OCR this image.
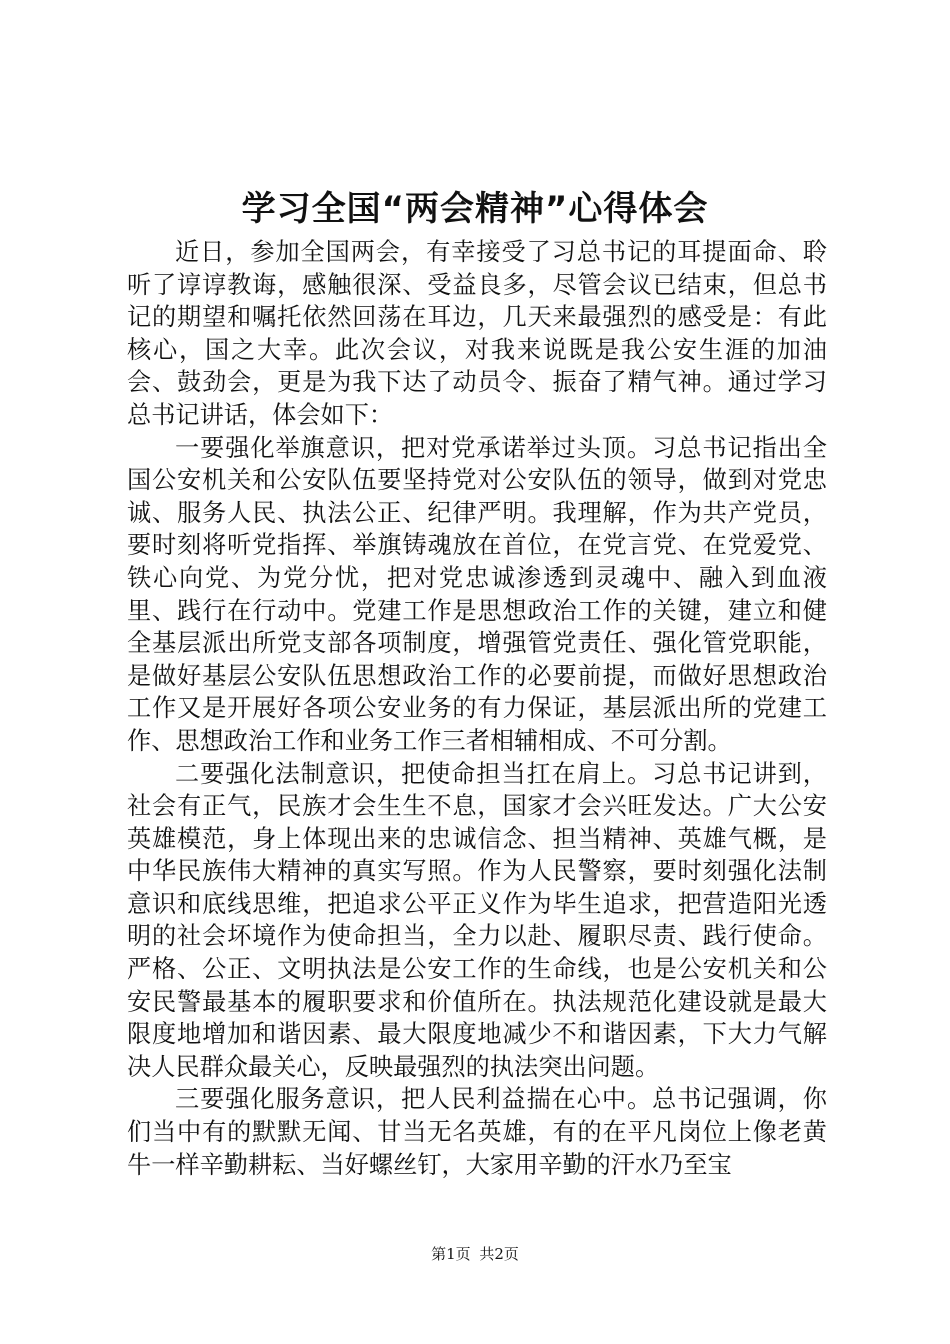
学习全国“两会精神”心得体会

近日，参加全国两会，有幸接受了习总书记的耳提面命、聆听了谆谆教诲，感触很深、受益良多，尽管会议已结束，但总书记的期望和嘱托依然回荡在耳边，几天来最强烈的感受是：有此核心，国之大幸。此次会议，对我来说既是我公安生涯的加油会、鼓劲会，更是为我下达了动员令、振奋了精气神。通过学习总书记讲话，体会如下：

一要强化举旗意识，把对党承诺举过头顶。习总书记指出全国公安机关和公安队伍要坚持党对公安队伍的领导，做到对党忠诚、服务人民、执法公正、纪律严明。我理解，作为共产党员，要时刻将听党指挥、举旗铸魂放在首位，在党言党、在党爱党、铁心向党、为党分忧，把对党忠诚渗透到灵魂中、融入到血液里、践行在行动中。党建工作是思想政治工作的关键，建立和健全基层派出所党支部各项制度，增强管党责任、强化管党职能，是做好基层公安队伍思想政治工作的必要前提，而做好思想政治工作又是开展好各项公安业务的有力保证，基层派出所的党建工作、思想政治工作和业务工作三者相辅相成、不可分割。

二要强化法制意识，把使命担当扛在肩上。习总书记讲到，社会有正气，民族才会生生不息，国家才会兴旺发达。广大公安英雄模范，身上体现出来的忠诚信念、担当精神、英雄气概，是中华民族伟大精神的真实写照。作为人民警察，要时刻强化法制意识和底线思维，把追求公平正义作为毕生追求，把营造阳光透明的社会坏境作为使命担当，全力以赴、履职尽责、践行使命。严格、公正、文明执法是公安工作的生命线，也是公安机关和公安民警最基本的履职要求和价值所在。执法规范化建设就是最大限度地增加和谐因素、最大限度地减少不和谐因素，下大力气解决人民群众最关心，反映最强烈的执法突出问题。

三要强化服务意识，把人民利益揣在心中。总书记强调，你们当中有的默默无闻、甘当无名英雄，有的在平凡岗位上像老黄牛一样辛勤耕耘、当好螺丝钉，大家用辛勤的汗水乃至宝

第1页 共2页
